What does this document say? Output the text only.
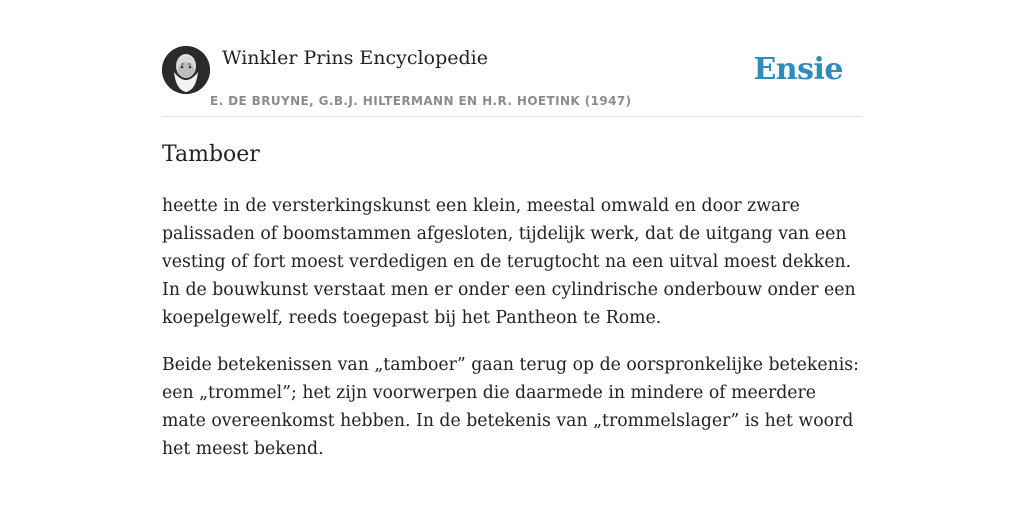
Winkler Prins Encyclopedie
E. DE BRUYNE, G.B.J. HILTERMANN EN H.R. HOETINK (1947)
Ensie
Tamboer

heette in de versterkingskunst een klein, meestal omwald en door zware palissaden of boomstammen afgesloten, tijdelijk werk, dat de uitgang van een vesting of fort moest verdedigen en de terugtocht na een uitval moest dekken. In de bouwkunst verstaat men er onder een cylindrische onderbouw onder een koepelgewelf, reeds toegepast bij het Pantheon te Rome.

Beide betekenissen van „tamboer” gaan terug op de oorspronkelijke betekenis: een „trommel”; het zijn voorwerpen die daarmede in mindere of meerdere mate overeenkomst hebben. In de betekenis van „trommelslager” is het woord het meest bekend.
